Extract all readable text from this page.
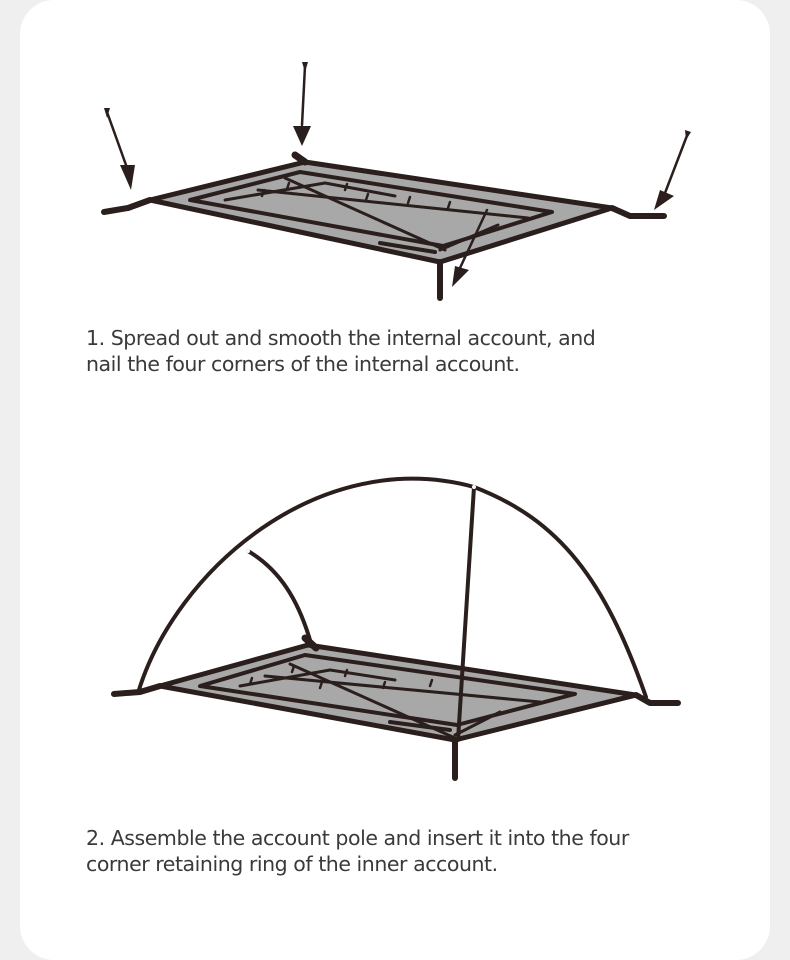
1. Spread out and smooth the internal account, and

nail the four corners of the internal account.

2. Assemble the account pole and insert it into the four

corner retaining ring of the inner account.
